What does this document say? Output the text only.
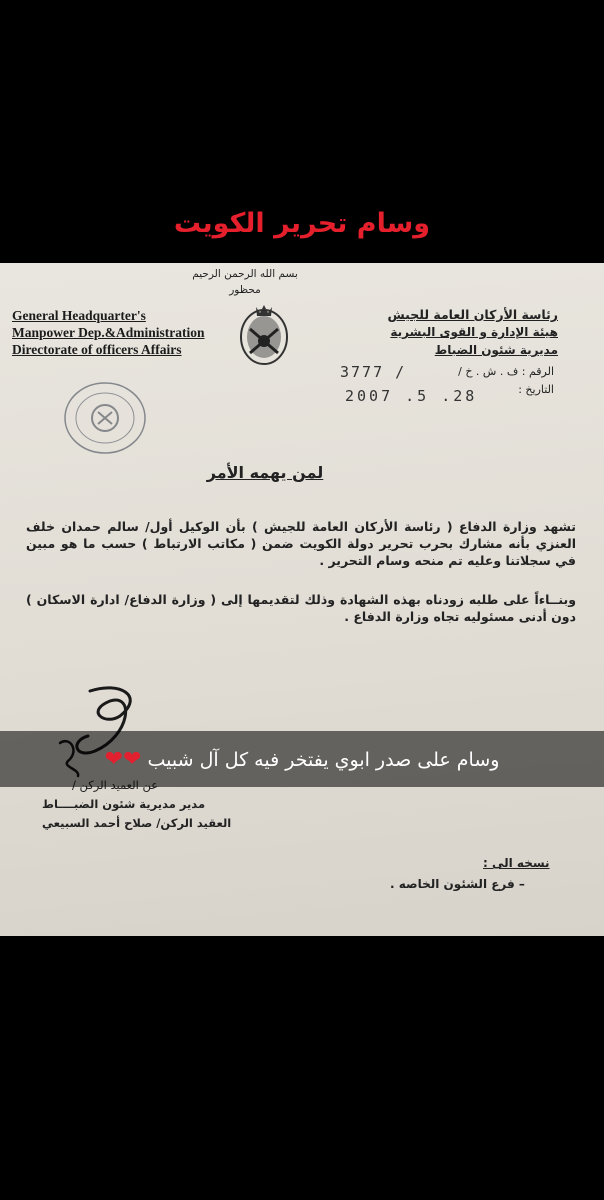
وسام تحرير الكويت
بسم الله الرحمن الرحيم
محظور
General Headquarter's
Manpower Dep.&Administration
Directorate of officers Affairs
رئاسة الأركان العامة للجيش
هيئة الإدارة و القوى البشرية
مديرية شئون الضباط
الرقم : ف . ش . خ /
3777 /
التاريخ :
2007 .5 .28
لمن يهمه الأمر
تشهد وزارة الدفاع ( رئاسة الأركان العامة للجيش ) بأن الوكيل أول/ سالم حمدان خلف العنزي بأنه مشارك بحرب تحرير دولة الكويت ضمن ( مكاتب الارتباط ) حسب ما هو مبين في سجلاتنا وعليه تم منحه وسام التحرير .
وبنــاءاً على طلبه زودناه بهذه الشهادة وذلك لتقديمها إلى ( وزارة الدفاع/ ادارة الاسكان ) دون أدنى مسئوليه تجاه وزارة الدفاع .
مدير مديرية شئون الضبــــاط
العقيد الركن/ صلاح أحمد السبيعي
نسخه الى :
– فرع الشئون الخاصه .
وسام على صدر ابوي يفتخر فيه كل آل شبيب ❤❤
